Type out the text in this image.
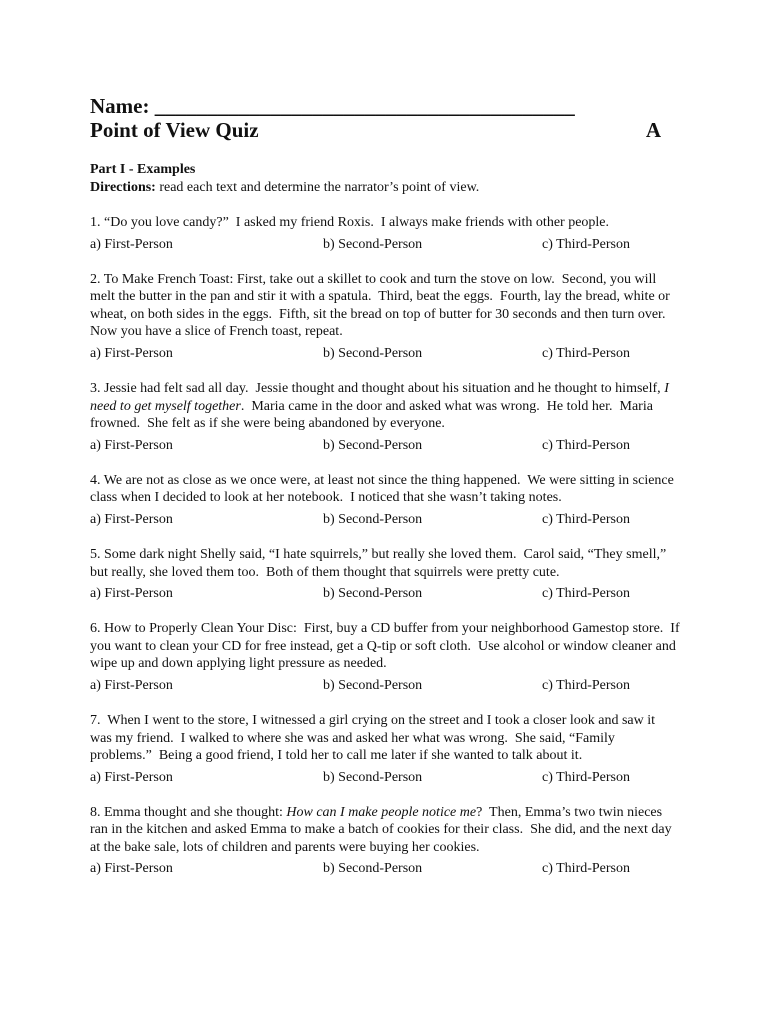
Name: ________________________________________
Point of View Quiz	A
Part I - Examples
Directions: read each text and determine the narrator’s point of view.
1. “Do you love candy?”  I asked my friend Roxis.  I always make friends with other people.
a) First-Person	b) Second-Person	c) Third-Person
2. To Make French Toast: First, take out a skillet to cook and turn the stove on low.  Second, you will melt the butter in the pan and stir it with a spatula.  Third, beat the eggs.  Fourth, lay the bread, white or wheat, on both sides in the eggs.  Fifth, sit the bread on top of butter for 30 seconds and then turn over.  Now you have a slice of French toast, repeat.
a) First-Person	b) Second-Person	c) Third-Person
3. Jessie had felt sad all day.  Jessie thought and thought about his situation and he thought to himself, I need to get myself together.  Maria came in the door and asked what was wrong.  He told her.  Maria frowned.  She felt as if she were being abandoned by everyone.
a) First-Person	b) Second-Person	c) Third-Person
4. We are not as close as we once were, at least not since the thing happened.  We were sitting in science class when I decided to look at her notebook.  I noticed that she wasn’t taking notes.
a) First-Person	b) Second-Person	c) Third-Person
5. Some dark night Shelly said, “I hate squirrels,” but really she loved them.  Carol said, “They smell,” but really, she loved them too.  Both of them thought that squirrels were pretty cute.
a) First-Person	b) Second-Person	c) Third-Person
6. How to Properly Clean Your Disc:  First, buy a CD buffer from your neighborhood Gamestop store.  If you want to clean your CD for free instead, get a Q-tip or soft cloth.  Use alcohol or window cleaner and wipe up and down applying light pressure as needed.
a) First-Person	b) Second-Person	c) Third-Person
7.  When I went to the store, I witnessed a girl crying on the street and I took a closer look and saw it was my friend.  I walked to where she was and asked her what was wrong.  She said, “Family problems.”  Being a good friend, I told her to call me later if she wanted to talk about it.
a) First-Person	b) Second-Person	c) Third-Person
8. Emma thought and she thought: How can I make people notice me?  Then, Emma’s two twin nieces ran in the kitchen and asked Emma to make a batch of cookies for their class.  She did, and the next day at the bake sale, lots of children and parents were buying her cookies.
a) First-Person	b) Second-Person	c) Third-Person
